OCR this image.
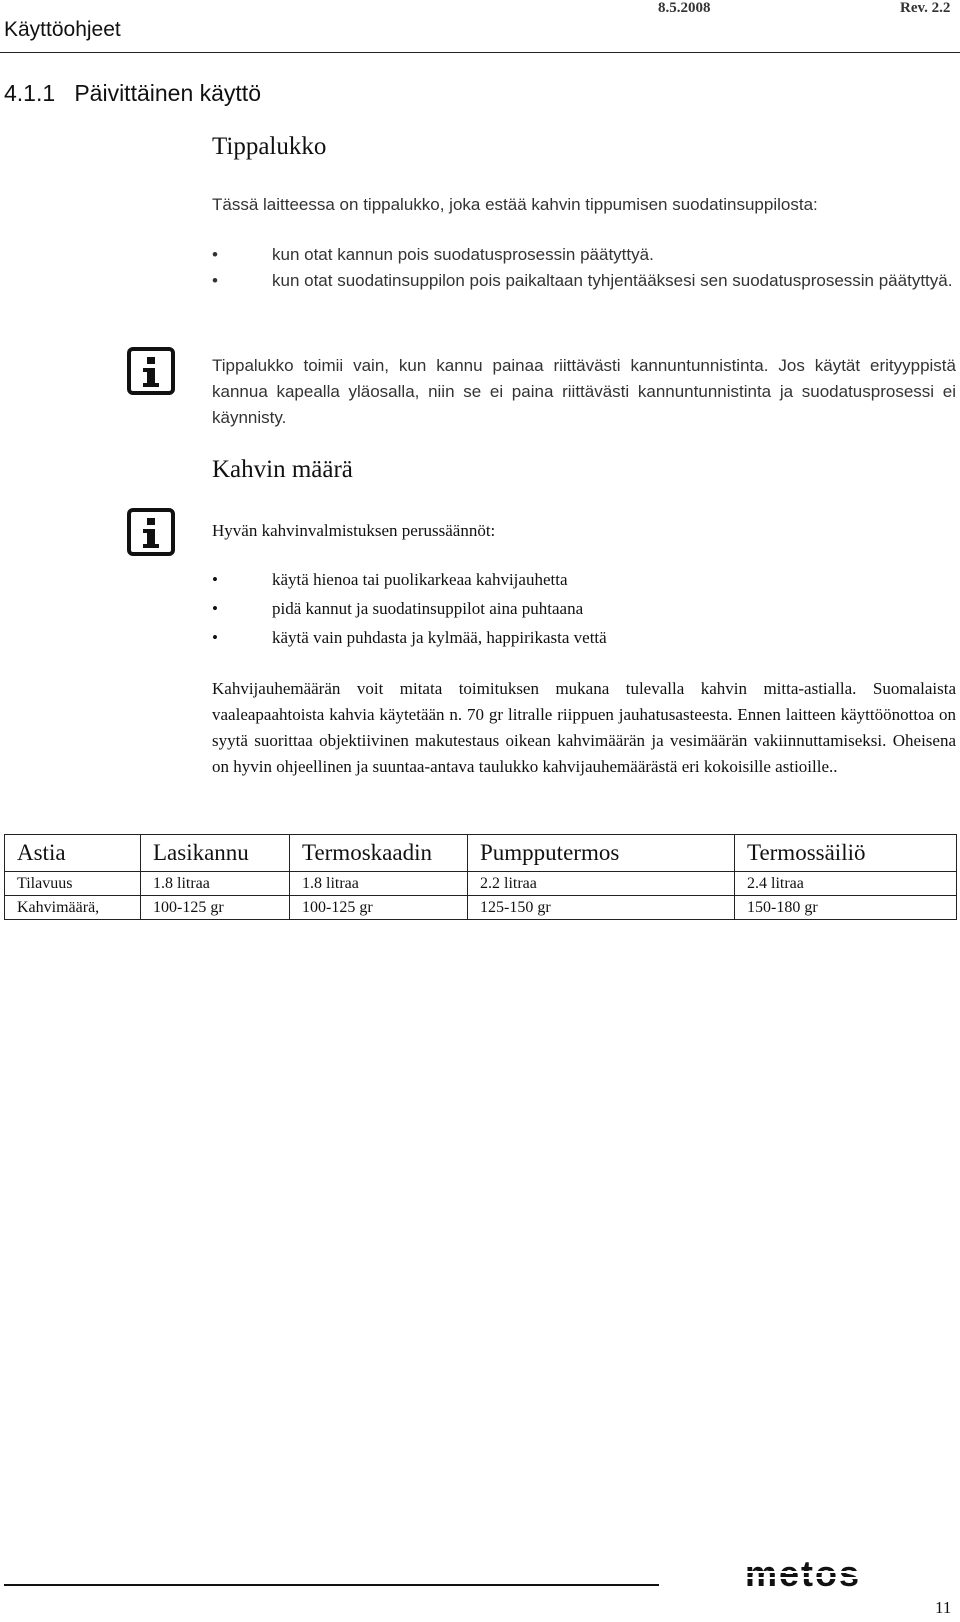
Käyttöohjeet
8.5.2008	Rev. 2.2
4.1.1   Päivittäinen käyttö
Tippalukko
Tässä laitteessa on tippalukko, joka estää kahvin tippumisen suodatinsuppilosta:
•	kun otat kannun pois suodatusprosessin päätyttyä.
•	kun otat suodatinsuppilon pois paikaltaan tyhjentääksesi sen suodatusprosessin päätyttyä.
Tippalukko toimii vain, kun kannu painaa riittävästi kannuntunnistinta. Jos käytät erityyppistä kannua kapealla yläosalla, niin se ei paina riittävästi kannuntunnistinta ja suodatusprosessi ei käynnisty.
Kahvin määrä
Hyvän kahvinvalmistuksen perussäännöt:
•	käytä hienoa tai puolikarkeaa kahvijauhetta
•	pidä kannut ja suodatinsuppilot aina puhtaana
•	käytä vain puhdasta ja kylmää, happirikasta vettä
Kahvijauhemäärän voit mitata toimituksen mukana tulevalla kahvin mitta-astialla. Suomalaista vaaleapaahtoista kahvia käytetään n. 70 gr litralle riippuen jauhatusasteesta. Ennen laitteen käyttöönottoa on syytä suorittaa objektiivinen makutestaus oikean kahvimäärän ja vesimäärän vakiinnuttamiseksi. Oheisena on hyvin ohjeellinen ja suuntaa-antava taulukko kahvijauhemäärästä eri kokoisille astioille..
Astia	Lasikannu	Termoskaadin	Pumpputermos	Termossäiliö
Tilavuus	1.8 litraa	1.8 litraa	2.2 litraa	2.4 litraa
Kahvimäärä,	100-125 gr	100-125 gr	125-150 gr	150-180 gr
metos
11
